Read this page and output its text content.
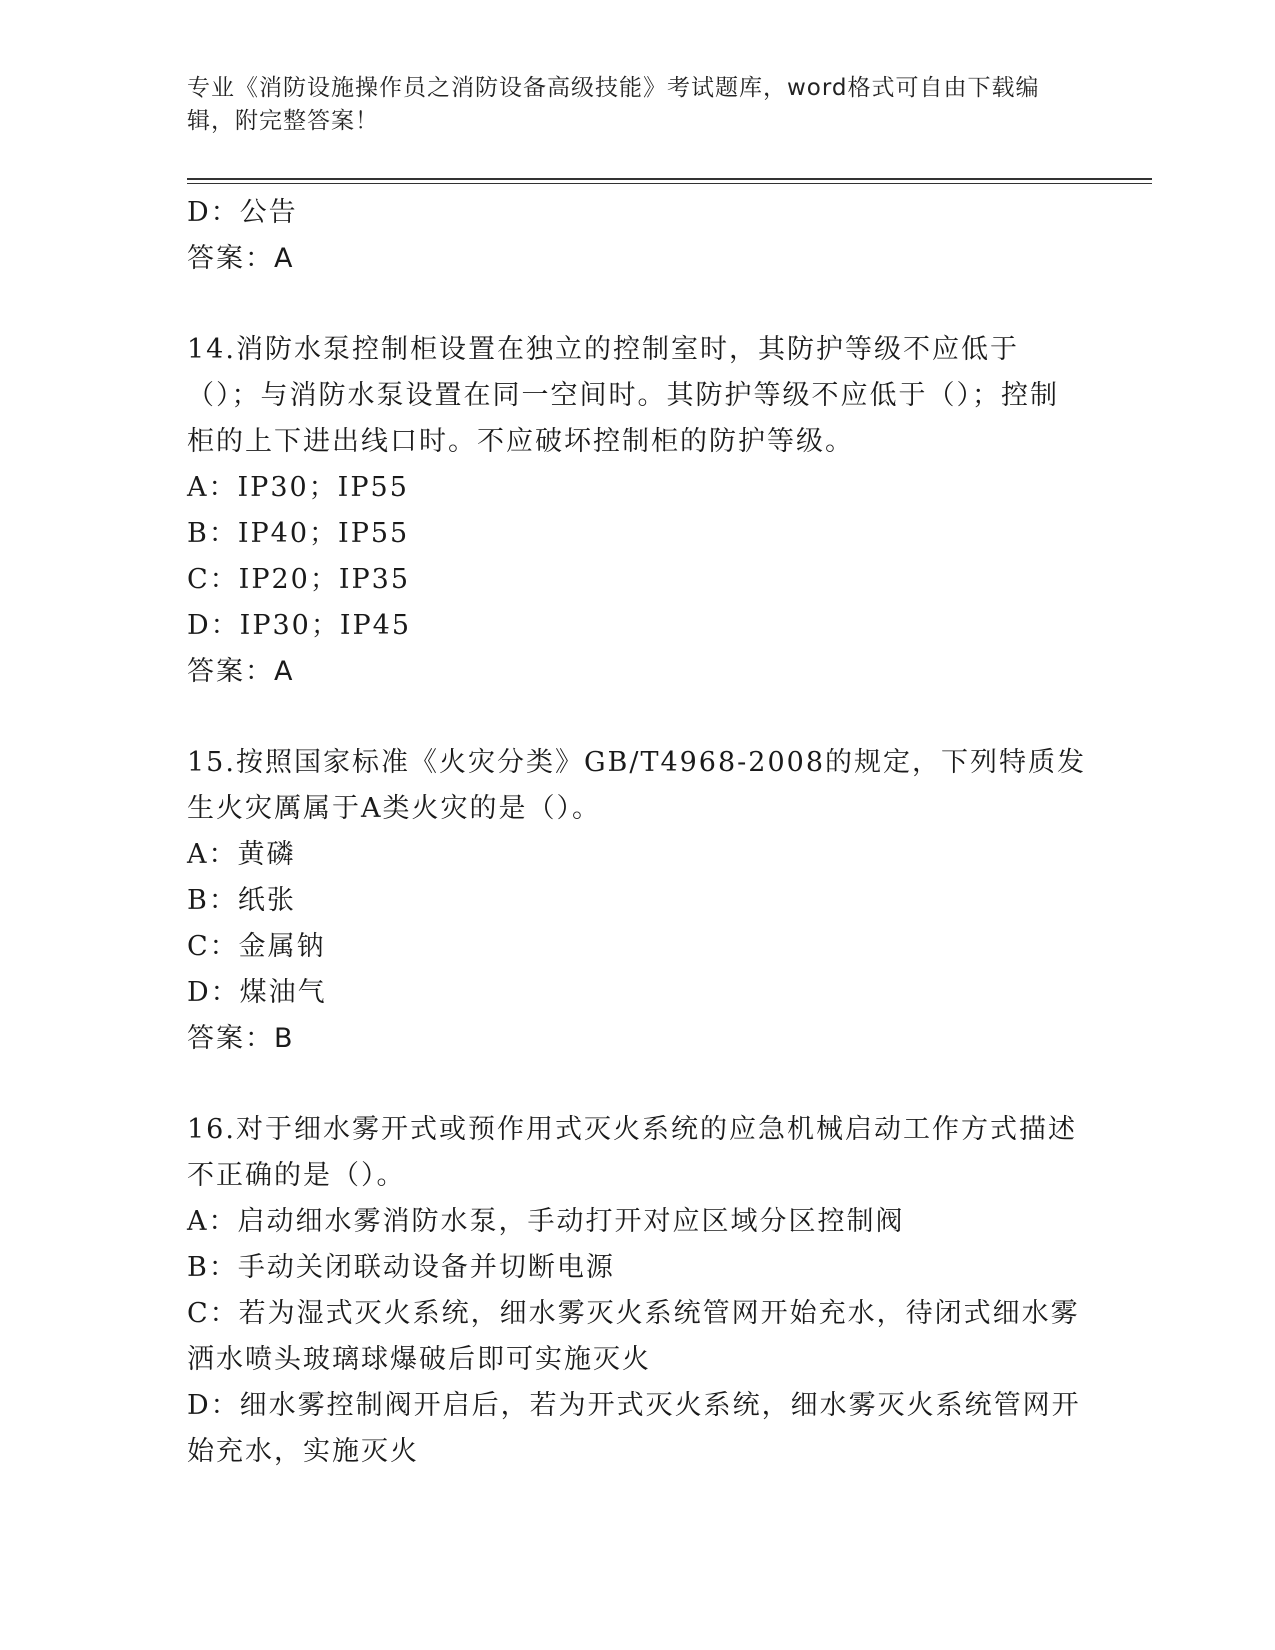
专业《消防设施操作员之消防设备高级技能》考试题库，word格式可自由下载编辑，附完整答案！

D：公告

答案：A

14.消防水泵控制柜设置在独立的控制室时，其防护等级不应低于（）；与消防水泵设置在同一空间时。其防护等级不应低于（）；控制柜的上下进出线口时。不应破坏控制柜的防护等级。

A：IP30；IP55

B：IP40；IP55

C：IP20；IP35

D：IP30；IP45

答案：A

15.按照国家标准《火灾分类》GB/T4968-2008的规定，下列特质发生火灾厲属于A类火灾的是（）。

A：黄磷

B：纸张

C：金属钠

D：煤油气

答案：B

16.对于细水雾开式或预作用式灭火系统的应急机械启动工作方式描述不正确的是（）。

A：启动细水雾消防水泵，手动打开对应区域分区控制阀

B：手动关闭联动设备并切断电源

C：若为湿式灭火系统，细水雾灭火系统管网开始充水，待闭式细水雾洒水喷头玻璃球爆破后即可实施灭火

D：细水雾控制阀开启后，若为开式灭火系统，细水雾灭火系统管网开始充水，实施灭火
